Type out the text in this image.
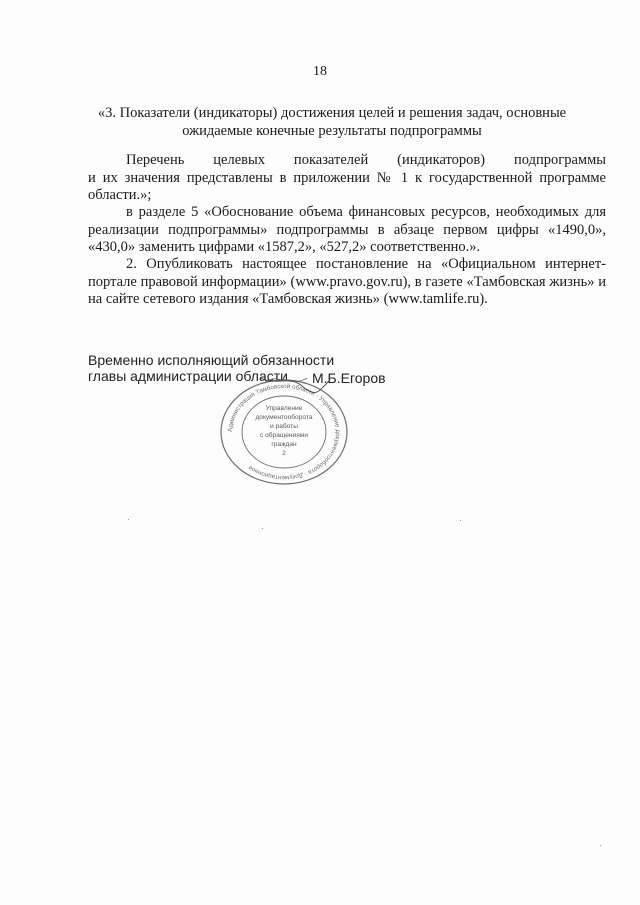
18
«3. Показатели (индикаторы) достижения целей и решения задач, основные
ожидаемые конечные результаты подпрограммы
Перечень целевых показателей (индикаторов) подпрограммы
и их значения представлены в приложении № 1 к государственной программе области.»;
в разделе 5 «Обоснование объема финансовых ресурсов, необходимых для реализации подпрограммы» подпрограммы в абзаце первом цифры «1490,0», «430,0» заменить цифрами «1587,2», «527,2» соответственно.».
2. Опубликовать настоящее постановление на «Официальном интернет-портале правовой информации» (www.pravo.gov.ru), в газете «Тамбовская жизнь» и на сайте сетевого издания «Тамбовская жизнь» (www.tamlife.ru).
Временно исполняющий обязанности
главы администрации области	М.Б.Егоров
Администрация Тамбовской области · Управление документооборота · Документационное
Управление
документооборота
и работы
с обращениями
граждан
2
